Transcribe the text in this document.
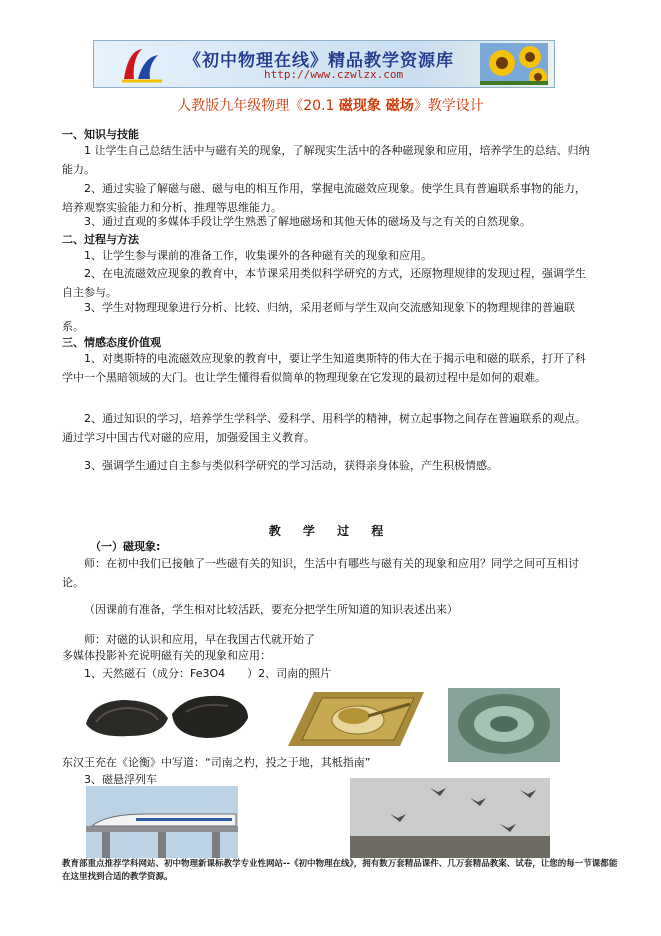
《初中物理在线》精品教学资源库
http://www.czwlzx.com
人教版九年级物理《20.1 磁现象 磁场》教学设计
一、知识与技能
1 让学生自己总结生活中与磁有关的现象，了解现实生活中的各种磁现象和应用，培养学生的总结、归纳能力。
2、通过实验了解磁与磁、磁与电的相互作用，掌握电流磁效应现象。使学生具有普遍联系事物的能力，培养观察实验能力和分析、推理等思维能力。
3、通过直观的多媒体手段让学生熟悉了解地磁场和其他天体的磁场及与之有关的自然现象。
二、过程与方法
1、让学生参与课前的准备工作，收集课外的各种磁有关的现象和应用。
2、在电流磁效应现象的教育中，本节课采用类似科学研究的方式，还原物理规律的发现过程，强调学生自主参与。
3、学生对物理现象进行分析、比较、归纳，采用老师与学生双向交流感知现象下的物理规律的普遍联系。
三、情感态度价值观
1、对奥斯特的电流磁效应现象的教育中，要让学生知道奥斯特的伟大在于揭示电和磁的联系，打开了科学中一个黑暗领域的大门。也让学生懂得看似简单的物理现象在它发现的最初过程中是如何的艰难。
2、通过知识的学习，培养学生学科学、爱科学、用科学的精神，树立起事物之间存在普遍联系的观点。通过学习中国古代对磁的应用，加强爱国主义教育。
3、强调学生通过自主参与类似科学研究的学习活动，获得亲身体验，产生积极情感。
教 学 过 程
（一）磁现象:
师：在初中我们已接触了一些磁有关的知识，生活中有哪些与磁有关的现象和应用？同学之间可互相讨论。
（因课前有准备，学生相对比较活跃，要充分把学生所知道的知识表述出来）
师：对磁的认识和应用，早在我国古代就开始了
多媒体投影补充说明磁有关的现象和应用：
1、天然磁石（成分：Fe3O4　　）2、司南的照片
东汉王充在《论衡》中写道：“司南之杓，投之于地，其柢指南”
3、磁悬浮列车
教育部重点推荐学科网站、初中物理新课标教学专业性网站--《初中物理在线》，拥有数万套精品课件、几万套精品教案、试卷，让您的每一节课都能在这里找到合适的教学资源。
